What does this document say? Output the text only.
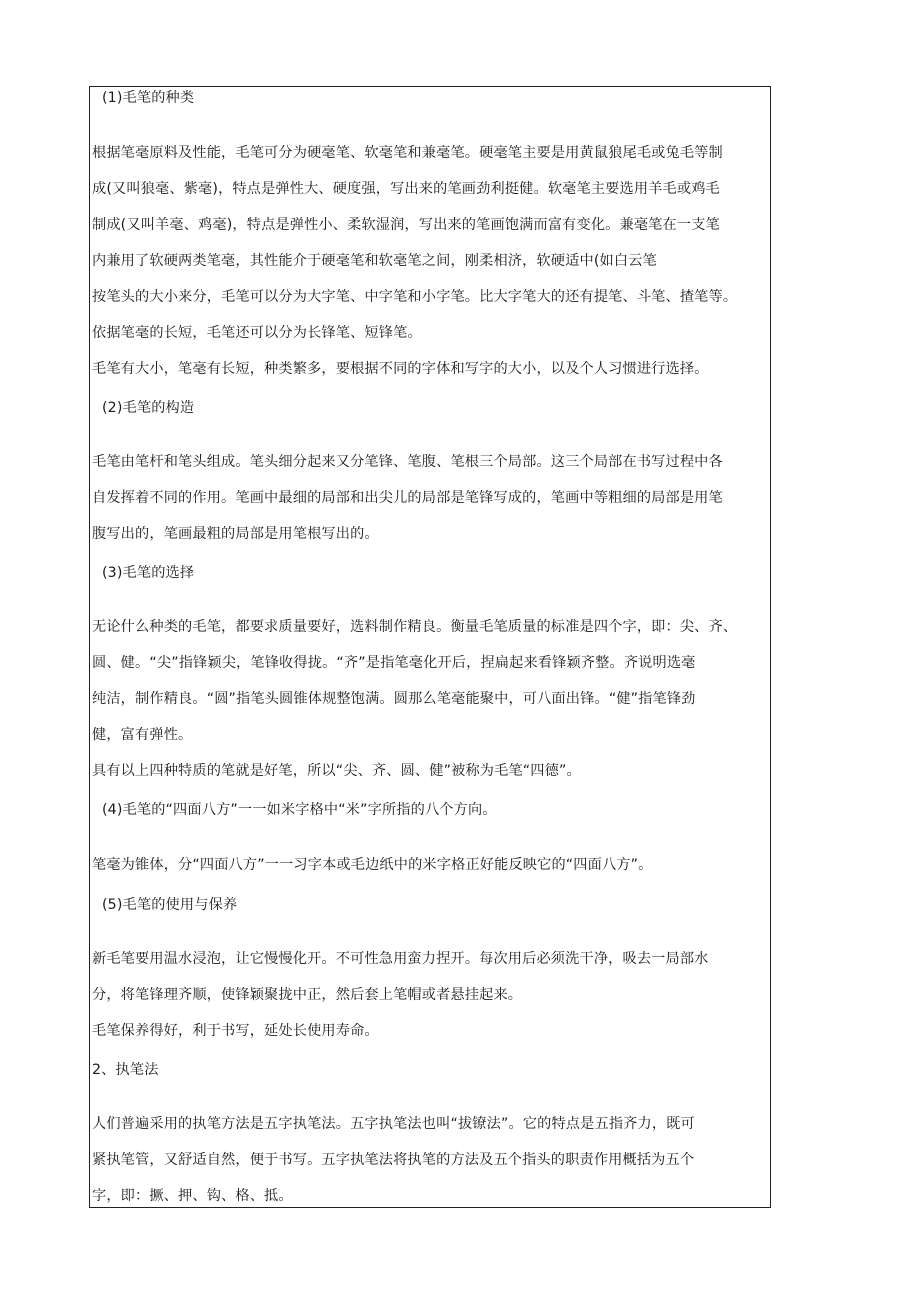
(1)毛笔的种类
根据笔毫原料及性能，毛笔可分为硬毫笔、软毫笔和兼毫笔。硬毫笔主要是用黄鼠狼尾毛或兔毛等制
成(又叫狼毫、紫毫)，特点是弹性大、硬度强，写出来的笔画劲利挺健。软毫笔主要选用羊毛或鸡毛
制成(又叫羊毫、鸡毫)，特点是弹性小、柔软湿润，写出来的笔画饱满而富有变化。兼毫笔在一支笔
内兼用了软硬两类笔毫，其性能介于硬毫笔和软毫笔之间，刚柔相济，软硬适中(如白云笔
按笔头的大小来分，毛笔可以分为大字笔、中字笔和小字笔。比大字笔大的还有提笔、斗笔、揸笔等。
依据笔毫的长短，毛笔还可以分为长锋笔、短锋笔。
毛笔有大小，笔毫有长短，种类繁多，要根据不同的字体和写字的大小，以及个人习惯进行选择。
(2)毛笔的构造
毛笔由笔杆和笔头组成。笔头细分起来又分笔锋、笔腹、笔根三个局部。这三个局部在书写过程中各
自发挥着不同的作用。笔画中最细的局部和出尖儿的局部是笔锋写成的，笔画中等粗细的局部是用笔
腹写出的，笔画最粗的局部是用笔根写出的。
(3)毛笔的选择
无论什么种类的毛笔，都要求质量要好，选料制作精良。衡量毛笔质量的标准是四个字，即：尖、齐、
圆、健。“尖”指锋颖尖，笔锋收得拢。“齐”是指笔毫化开后，捏扁起来看锋颖齐整。齐说明选毫
纯洁，制作精良。“圆”指笔头圆锥体规整饱满。圆那么笔毫能聚中，可八面出锋。“健”指笔锋劲
健，富有弹性。
具有以上四种特质的笔就是好笔，所以“尖、齐、圆、健”被称为毛笔“四德”。
(4)毛笔的“四面八方”一一如米字格中“米”字所指的八个方向。
笔毫为锥体，分“四面八方”一一习字本或毛边纸中的米字格正好能反映它的“四面八方”。
(5)毛笔的使用与保养
新毛笔要用温水浸泡，让它慢慢化开。不可性急用蛮力捏开。每次用后必须洗干净，吸去一局部水
分，将笔锋理齐顺，使锋颖聚拢中正，然后套上笔帽或者悬挂起来。
毛笔保养得好，利于书写，延处长使用寿命。
2、执笔法
人们普遍采用的执笔方法是五字执笔法。五字执笔法也叫“拔镣法”。它的特点是五指齐力，既可
紧执笔管，又舒适自然，便于书写。五字执笔法将执笔的方法及五个指头的职责作用概括为五个
字，即：撅、押、钩、格、抵。
